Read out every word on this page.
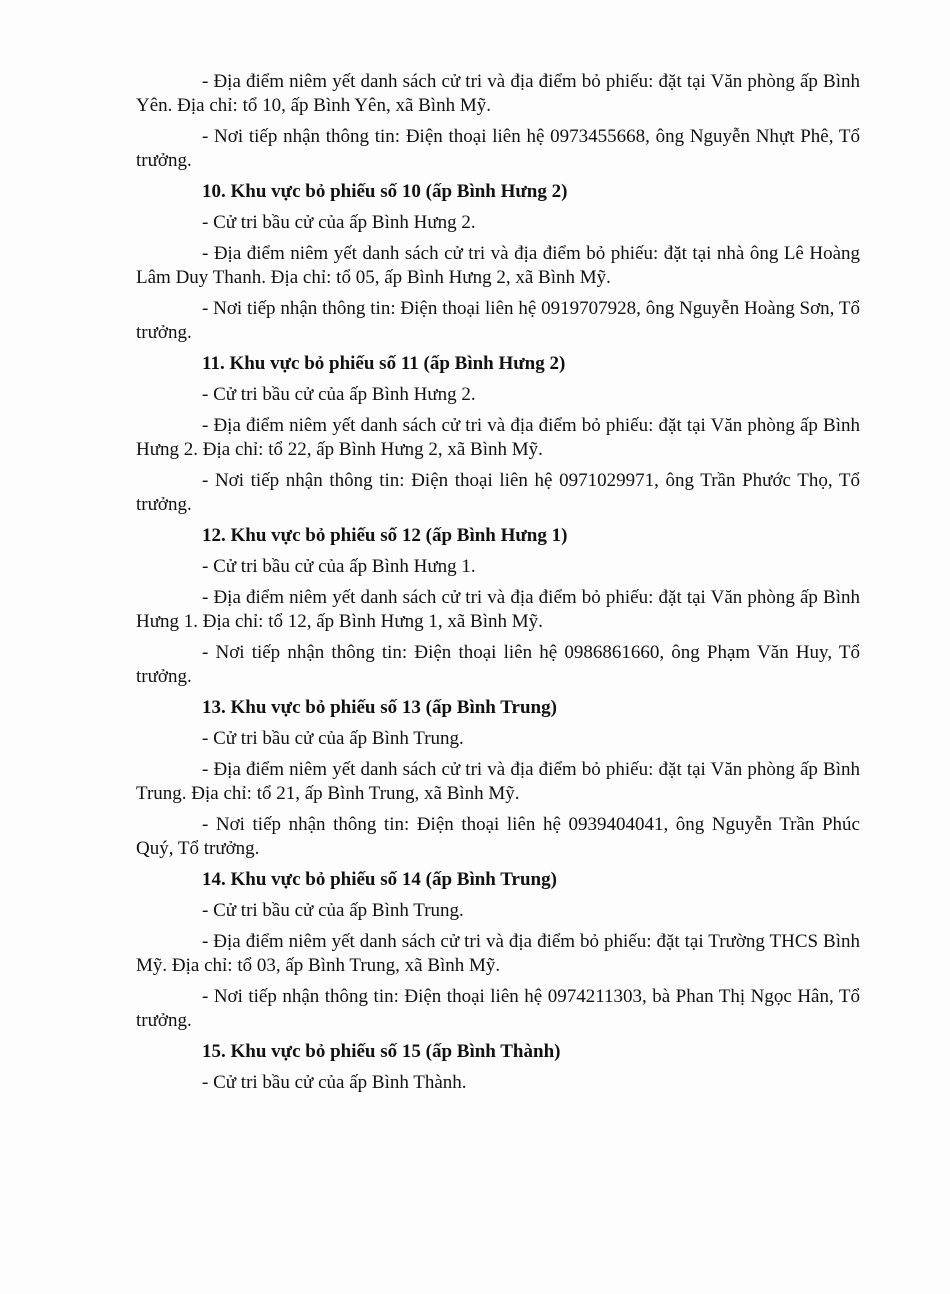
- Địa điểm niêm yết danh sách cử tri và địa điểm bỏ phiếu: đặt tại Văn phòng ấp Bình Yên. Địa chỉ: tổ 10, ấp Bình Yên, xã Bình Mỹ.

- Nơi tiếp nhận thông tin: Điện thoại liên hệ 0973455668, ông Nguyễn Nhựt Phê, Tổ trưởng.

10. Khu vực bỏ phiếu số 10 (ấp Bình Hưng 2)

- Cử tri bầu cử của ấp Bình Hưng 2.

- Địa điểm niêm yết danh sách cử tri và địa điểm bỏ phiếu: đặt tại nhà ông Lê Hoàng Lâm Duy Thanh. Địa chỉ: tổ 05, ấp Bình Hưng 2, xã Bình Mỹ.

- Nơi tiếp nhận thông tin: Điện thoại liên hệ 0919707928, ông Nguyễn Hoàng Sơn, Tổ trưởng.

11. Khu vực bỏ phiếu số 11 (ấp Bình Hưng 2)

- Cử tri bầu cử của ấp Bình Hưng 2.

- Địa điểm niêm yết danh sách cử tri và địa điểm bỏ phiếu: đặt tại Văn phòng ấp Bình Hưng 2. Địa chỉ: tổ 22, ấp Bình Hưng 2, xã Bình Mỹ.

- Nơi tiếp nhận thông tin: Điện thoại liên hệ 0971029971, ông Trần Phước Thọ, Tổ trưởng.

12. Khu vực bỏ phiếu số 12 (ấp Bình Hưng 1)

- Cử tri bầu cử của ấp Bình Hưng 1.

- Địa điểm niêm yết danh sách cử tri và địa điểm bỏ phiếu: đặt tại Văn phòng ấp Bình Hưng 1. Địa chỉ: tổ 12, ấp Bình Hưng 1, xã Bình Mỹ.

- Nơi tiếp nhận thông tin: Điện thoại liên hệ 0986861660, ông Phạm Văn Huy, Tổ trưởng.

13. Khu vực bỏ phiếu số 13 (ấp Bình Trung)

- Cử tri bầu cử của ấp Bình Trung.

- Địa điểm niêm yết danh sách cử tri và địa điểm bỏ phiếu: đặt tại Văn phòng ấp Bình Trung. Địa chỉ: tổ 21, ấp Bình Trung, xã Bình Mỹ.

- Nơi tiếp nhận thông tin: Điện thoại liên hệ 0939404041, ông Nguyễn Trần Phúc Quý, Tổ trưởng.

14. Khu vực bỏ phiếu số 14 (ấp Bình Trung)

- Cử tri bầu cử của ấp Bình Trung.

- Địa điểm niêm yết danh sách cử tri và địa điểm bỏ phiếu: đặt tại Trường THCS Bình Mỹ. Địa chỉ: tổ 03, ấp Bình Trung, xã Bình Mỹ.

- Nơi tiếp nhận thông tin: Điện thoại liên hệ 0974211303, bà Phan Thị Ngọc Hân, Tổ trưởng.

15. Khu vực bỏ phiếu số 15 (ấp Bình Thành)

- Cử tri bầu cử của ấp Bình Thành.
